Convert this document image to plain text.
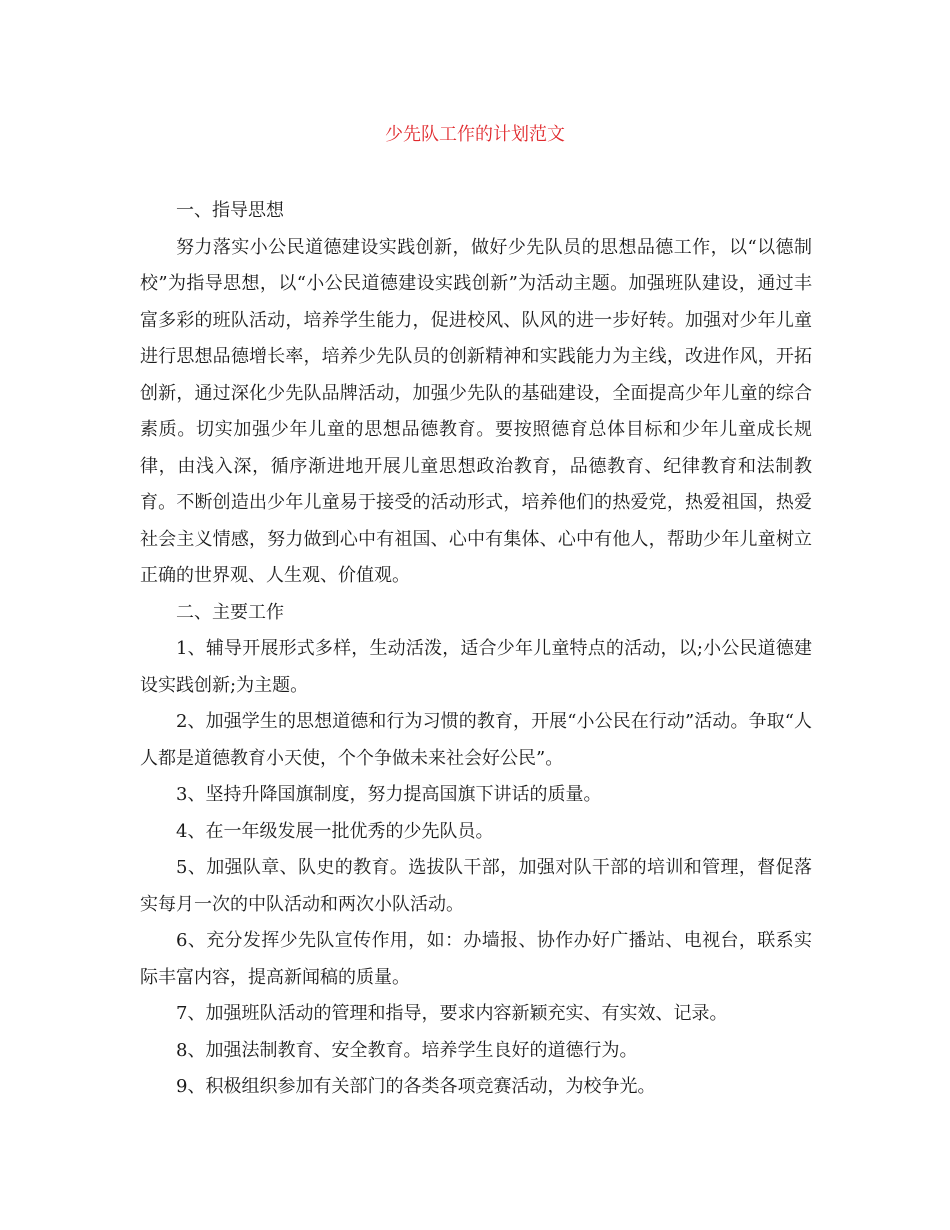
少先队工作的计划范文

一、指导思想

努力落实小公民道德建设实践创新，做好少先队员的思想品德工作，以“以德制校”为指导思想，以“小公民道德建设实践创新”为活动主题。加强班队建设，通过丰富多彩的班队活动，培养学生能力，促进校风、队风的进一步好转。加强对少年儿童进行思想品德增长率，培养少先队员的创新精神和实践能力为主线，改进作风，开拓创新，通过深化少先队品牌活动，加强少先队的基础建设，全面提高少年儿童的综合素质。切实加强少年儿童的思想品德教育。要按照德育总体目标和少年儿童成长规律，由浅入深，循序渐进地开展儿童思想政治教育，品德教育、纪律教育和法制教育。不断创造出少年儿童易于接受的活动形式，培养他们的热爱党，热爱祖国，热爱社会主义情感，努力做到心中有祖国、心中有集体、心中有他人，帮助少年儿童树立正确的世界观、人生观、价值观。

二、主要工作

1、辅导开展形式多样，生动活泼，适合少年儿童特点的活动，以;小公民道德建设实践创新;为主题。

2、加强学生的思想道德和行为习惯的教育，开展“小公民在行动”活动。争取“人人都是道德教育小天使，个个争做未来社会好公民”。

3、坚持升降国旗制度，努力提高国旗下讲话的质量。

4、在一年级发展一批优秀的少先队员。

5、加强队章、队史的教育。选拔队干部，加强对队干部的培训和管理，督促落实每月一次的中队活动和两次小队活动。

6、充分发挥少先队宣传作用，如：办墙报、协作办好广播站、电视台，联系实际丰富内容，提高新闻稿的质量。

7、加强班队活动的管理和指导，要求内容新颖充实、有实效、记录。

8、加强法制教育、安全教育。培养学生良好的道德行为。

9、积极组织参加有关部门的各类各项竞赛活动，为校争光。
